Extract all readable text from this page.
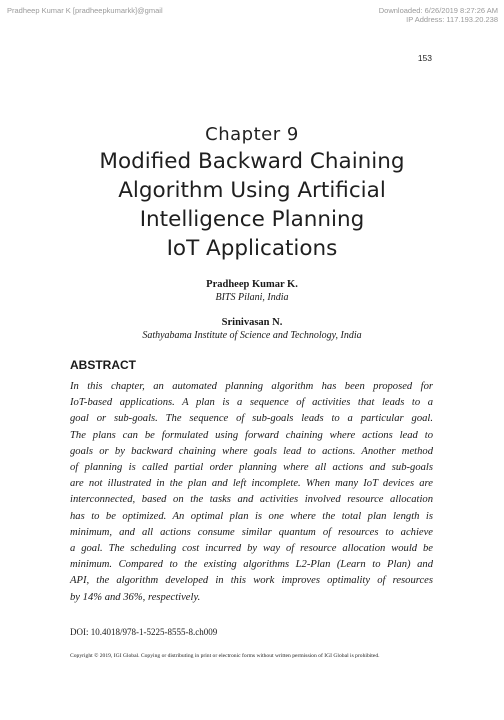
Pradheep Kumar K [pradheepkumarkk]@gmail	Downloaded: 6/26/2019 8:27:26 AM
IP Address: 117.193.20.238
153
Chapter 9
Modified Backward Chaining
Algorithm Using Artificial
Intelligence Planning
IoT Applications
Pradheep Kumar K.
BITS Pilani, India
Srinivasan N.
Sathyabama Institute of Science and Technology, India
ABSTRACT
In this chapter, an automated planning algorithm has been proposed for
IoT-based applications. A plan is a sequence of activities that leads to a
goal or sub-goals. The sequence of sub-goals leads to a particular goal.
The plans can be formulated using forward chaining where actions lead to
goals or by backward chaining where goals lead to actions. Another method
of planning is called partial order planning where all actions and sub-goals
are not illustrated in the plan and left incomplete. When many IoT devices are
interconnected, based on the tasks and activities involved resource allocation
has to be optimized. An optimal plan is one where the total plan length is
minimum, and all actions consume similar quantum of resources to achieve
a goal. The scheduling cost incurred by way of resource allocation would be
minimum. Compared to the existing algorithms L2-Plan (Learn to Plan) and
API, the algorithm developed in this work improves optimality of resources
by 14% and 36%, respectively.
DOI: 10.4018/978-1-5225-8555-8.ch009
Copyright © 2019, IGI Global. Copying or distributing in print or electronic forms without written permission of IGI Global is prohibited.
